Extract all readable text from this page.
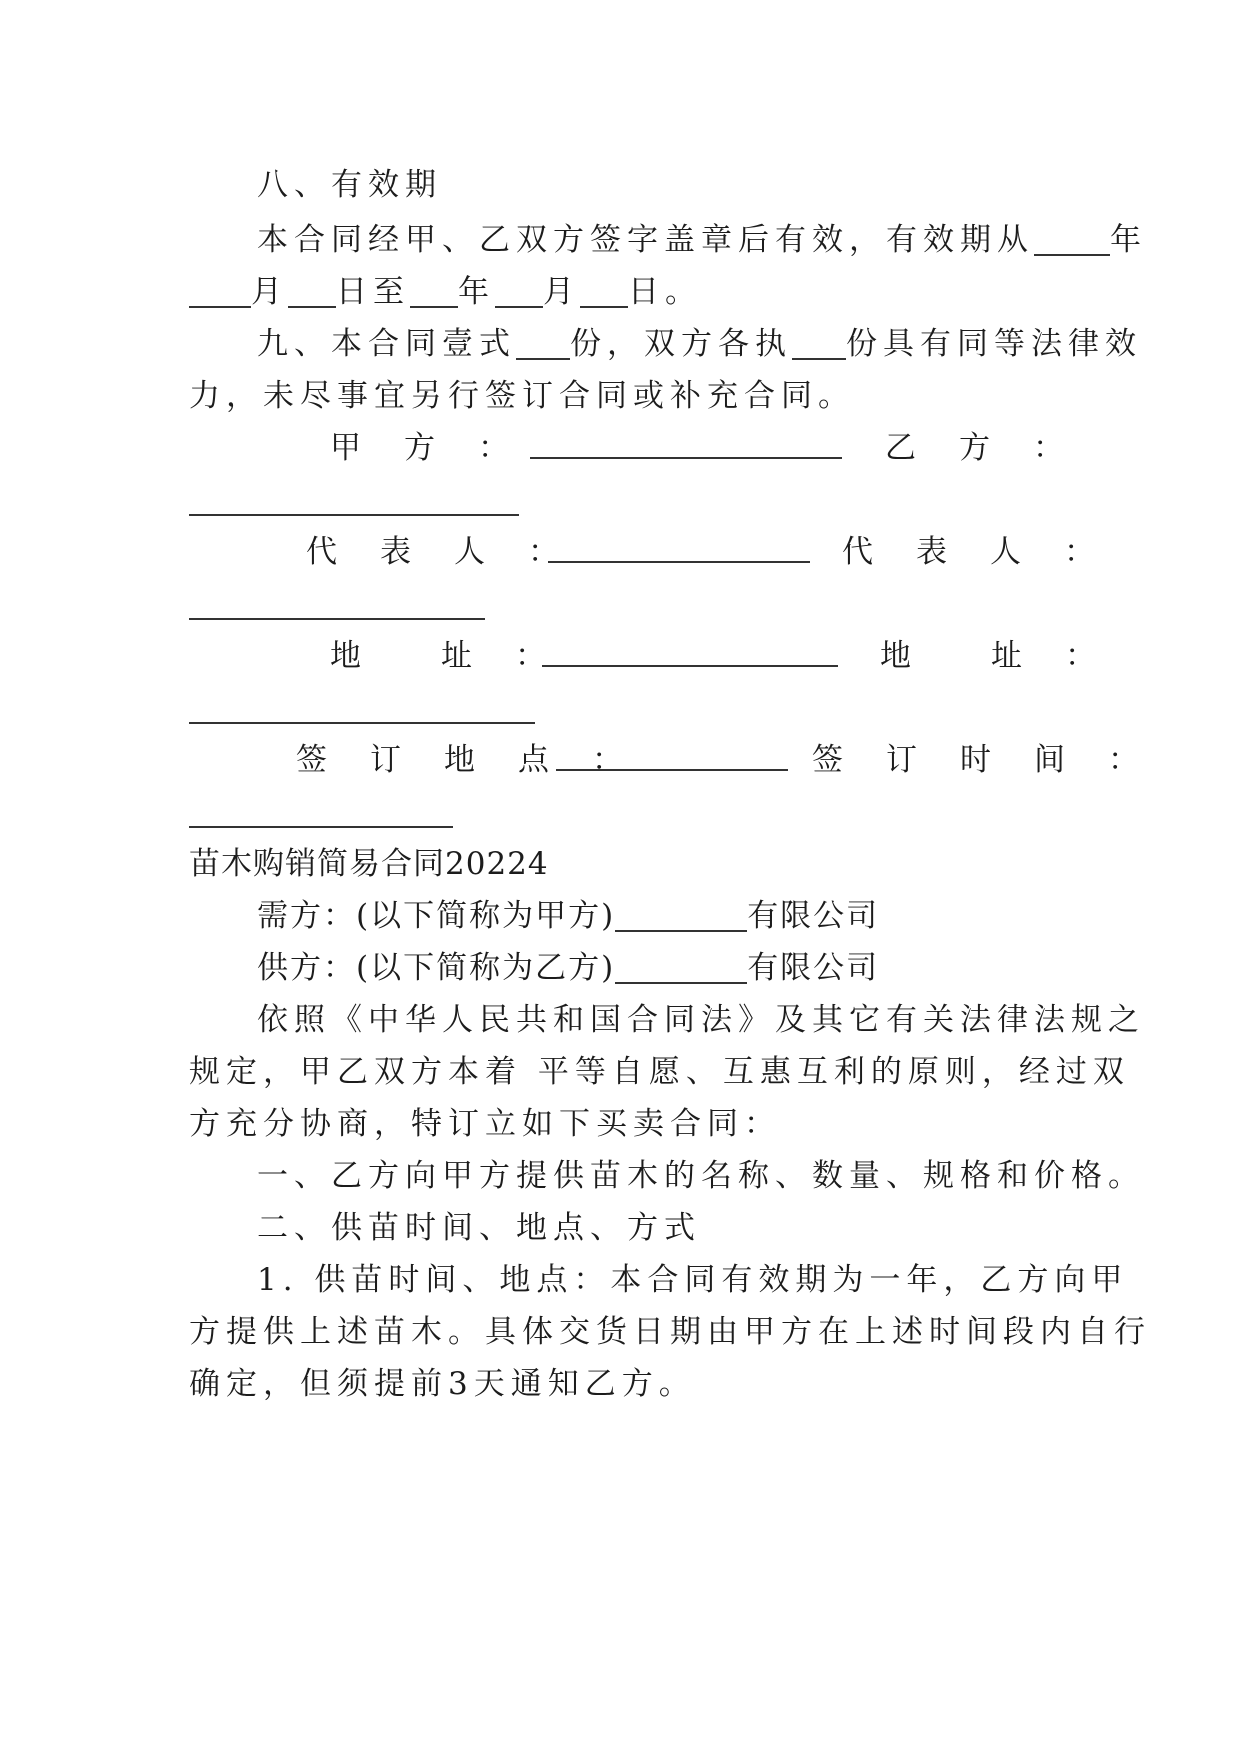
八、有效期
本合同经甲、乙双方签字盖章后有效，有效期从 年
月 日至 年 月 日。
九、本合同壹式 份，双方各执 份具有同等法律效
力，未尽事宜另行签订合同或补充合同。
甲　方　：	乙　方　：
代　表　人　：	代　表　人　：
地　　址　：	地　　址　：
签　订　地　点　：	签　订　时　间　：
苗木购销简易合同20224
需方：(以下简称为甲方)	有限公司
供方：(以下简称为乙方)	有限公司
依照《中华人民共和国合同法》及其它有关法律法规之
规定，甲乙双方本着 平等自愿、互惠互利的原则，经过双
方充分协商，特订立如下买卖合同：
一、乙方向甲方提供苗木的名称、数量、规格和价格。
二、供苗时间、地点、方式
1. 供苗时间、地点：本合同有效期为一年，乙方向甲
方提供上述苗木。具体交货日期由甲方在上述时间段内自行
确定，但须提前3天通知乙方。
